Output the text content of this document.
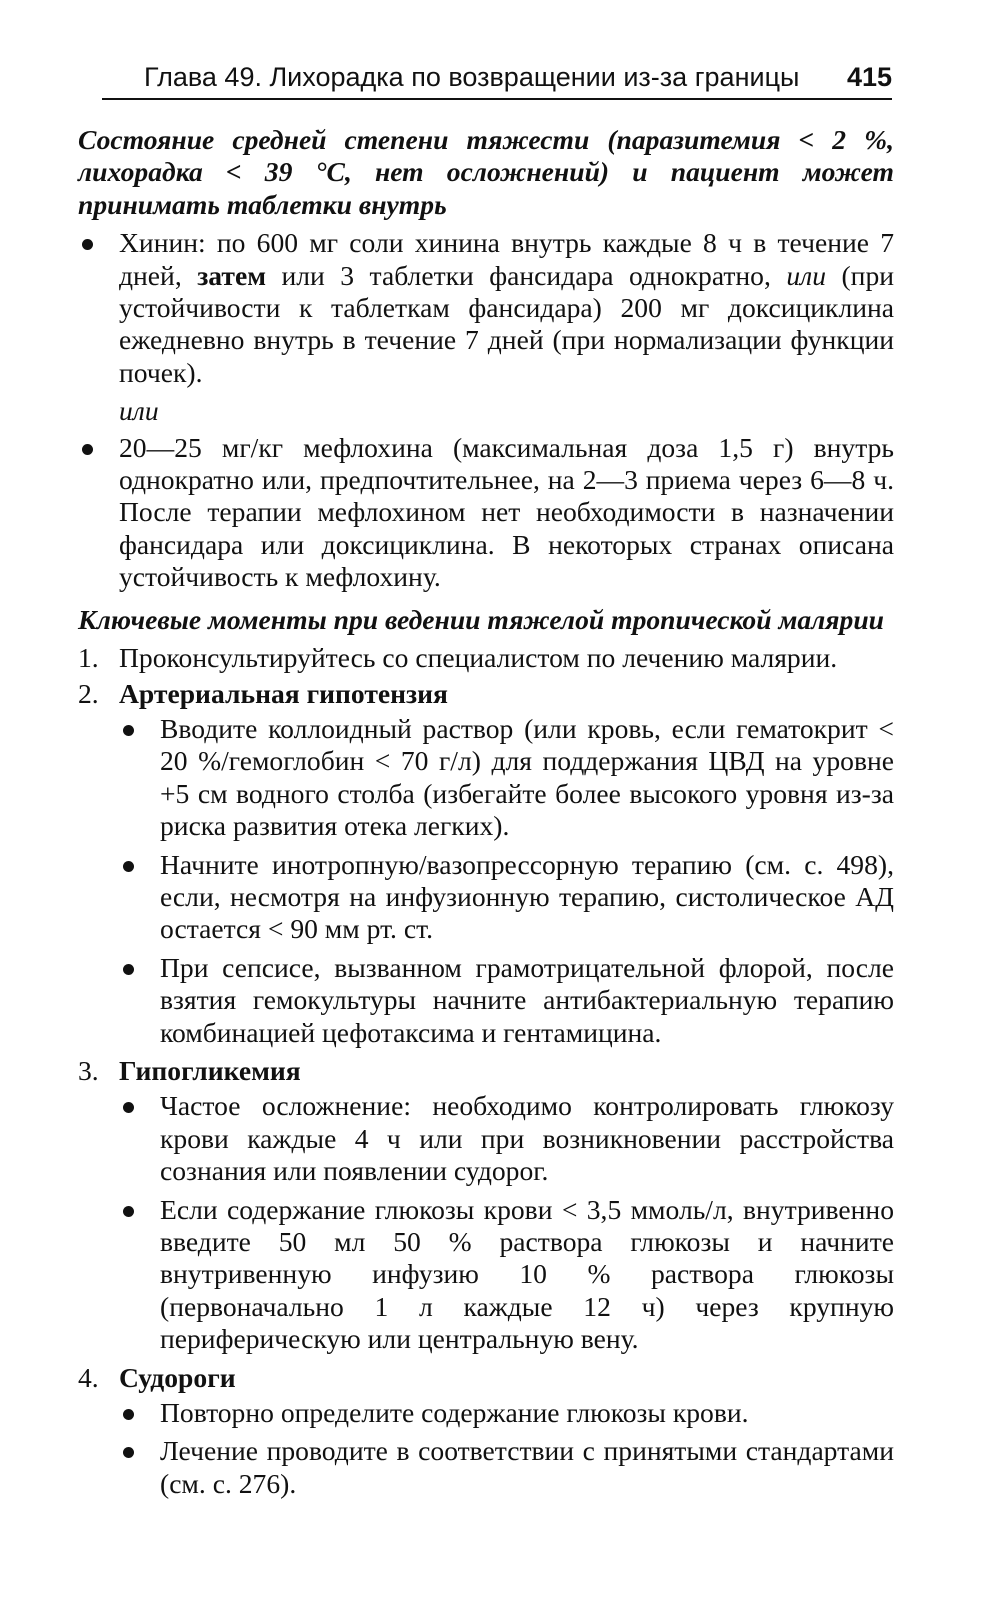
Глава 49. Лихорадка по возвращении из-за границы 415

Состояние средней степени тяжести (паразитемия < 2 %, лихорадка < 39 °С, нет осложнений) и пациент может принимать таблетки внутрь

Хинин: по 600 мг соли хинина внутрь каждые 8 ч в течение 7 дней, затем или 3 таблетки фансидара однократно, или (при устойчивости к таблеткам фансидара) 200 мг доксициклина ежедневно внутрь в течение 7 дней (при нормализации функции почек).

или

20—25 мг/кг мефлохина (максимальная доза 1,5 г) внутрь однократно или, предпочтительнее, на 2—3 приема через 6—8 ч. После терапии мефлохином нет необходимости в назначении фансидара или доксициклина. В некоторых странах описана устойчивость к мефлохину.

Ключевые моменты при ведении тяжелой тропической малярии

1. Проконсультируйтесь со специалистом по лечению малярии.

2. Артериальная гипотензия

Вводите коллоидный раствор (или кровь, если гематокрит < 20 %/гемоглобин < 70 г/л) для поддержания ЦВД на уровне +5 см водного столба (избегайте более высокого уровня из-за риска развития отека легких).

Начните инотропную/вазопрессорную терапию (см. с. 498), если, несмотря на инфузионную терапию, систолическое АД остается < 90 мм рт. ст.

При сепсисе, вызванном грамотрицательной флорой, после взятия гемокультуры начните антибактериальную терапию комбинацией цефотаксима и гентамицина.

3. Гипогликемия

Частое осложнение: необходимо контролировать глюкозу крови каждые 4 ч или при возникновении расстройства сознания или появлении судорог.

Если содержание глюкозы крови < 3,5 ммоль/л, внутривенно введите 50 мл 50 % раствора глюкозы и начните внутривенную инфузию 10 % раствора глюкозы (первоначально 1 л каждые 12 ч) через крупную периферическую или центральную вену.

4. Судороги

Повторно определите содержание глюкозы крови.

Лечение проводите в соответствии с принятыми стандартами (см. с. 276).
